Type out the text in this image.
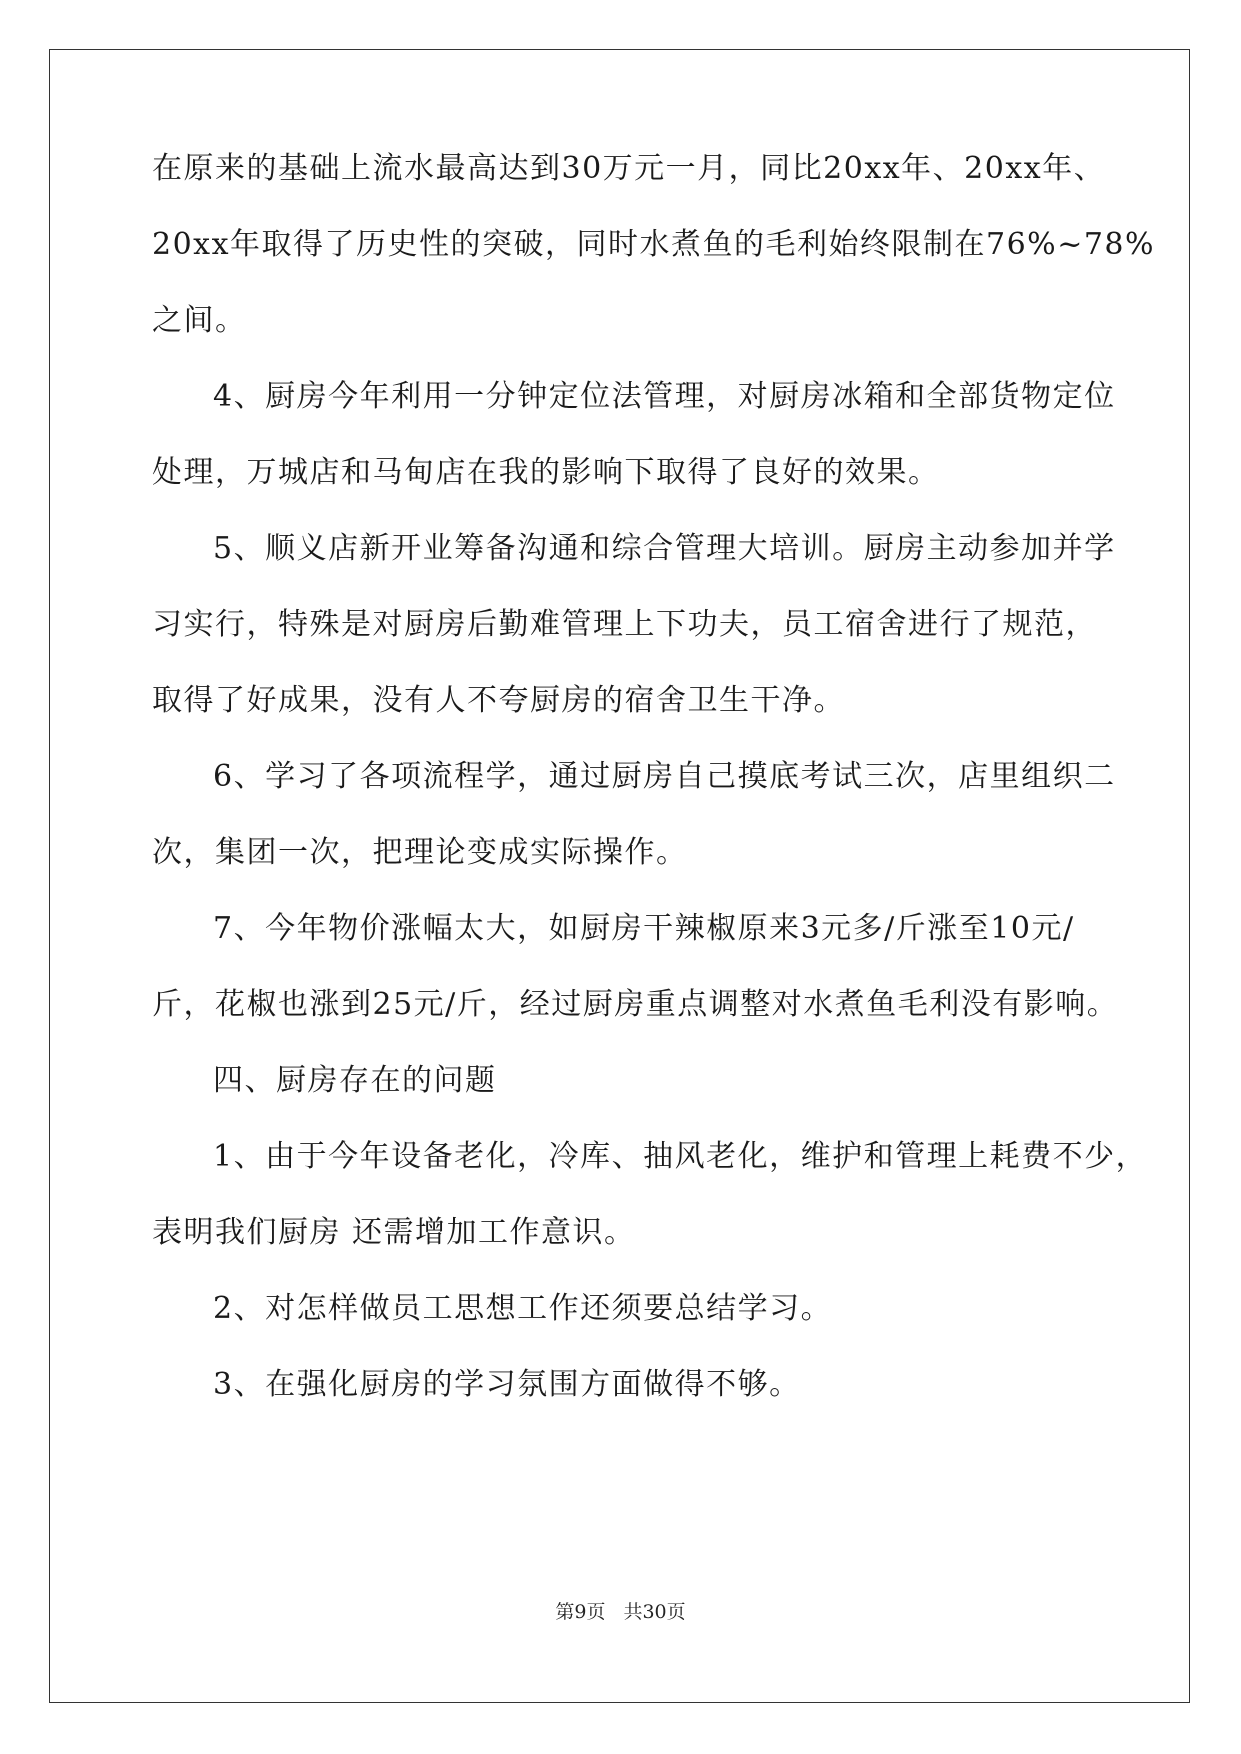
在原来的基础上流水最高达到30万元一月，同比20xx年、20xx年、
20xx年取得了历史性的突破，同时水煮鱼的毛利始终限制在76%~78%
之间。
4、厨房今年利用一分钟定位法管理，对厨房冰箱和全部货物定位
处理，万城店和马甸店在我的影响下取得了良好的效果。
5、顺义店新开业筹备沟通和综合管理大培训。厨房主动参加并学
习实行，特殊是对厨房后勤难管理上下功夫，员工宿舍进行了规范，
取得了好成果，没有人不夸厨房的宿舍卫生干净。
6、学习了各项流程学，通过厨房自己摸底考试三次，店里组织二
次，集团一次，把理论变成实际操作。
7、今年物价涨幅太大，如厨房干辣椒原来3元多/斤涨至10元/
斤，花椒也涨到25元/斤，经过厨房重点调整对水煮鱼毛利没有影响。
四、厨房存在的问题
1、由于今年设备老化，冷库、抽风老化，维护和管理上耗费不少，
表明我们厨房 还需增加工作意识。
2、对怎样做员工思想工作还须要总结学习。
3、在强化厨房的学习氛围方面做得不够。
第9页 共30页
